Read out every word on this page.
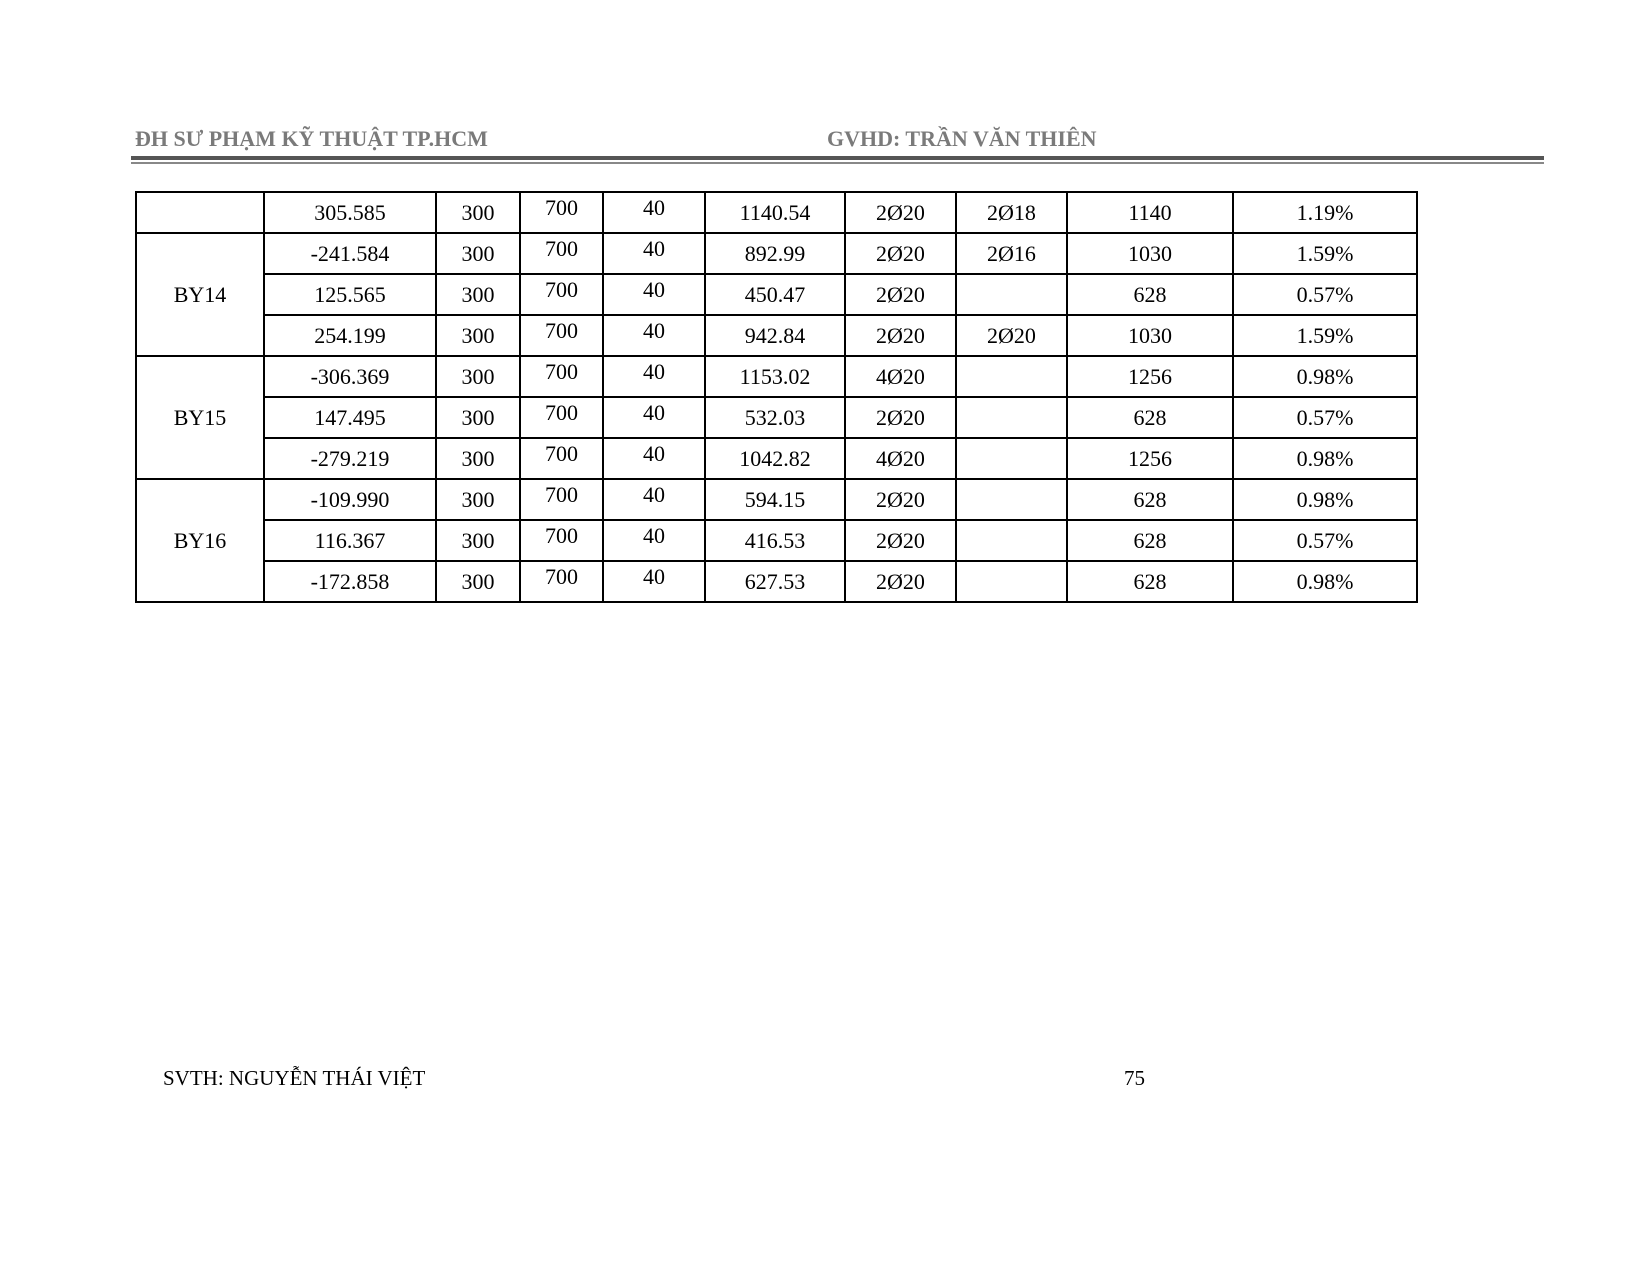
ĐH SƯ PHẠM KỸ THUẬT TP.HCM	GVHD: TRẦN VĂN THIÊN
	305.585	300	700	40	1140.54	2Ø20	2Ø18	1140	1.19%
BY14	-241.584	300	700	40	892.99	2Ø20	2Ø16	1030	1.59%
	125.565	300	700	40	450.47	2Ø20		628	0.57%
	254.199	300	700	40	942.84	2Ø20	2Ø20	1030	1.59%
BY15	-306.369	300	700	40	1153.02	4Ø20		1256	0.98%
	147.495	300	700	40	532.03	2Ø20		628	0.57%
	-279.219	300	700	40	1042.82	4Ø20		1256	0.98%
BY16	-109.990	300	700	40	594.15	2Ø20		628	0.98%
	116.367	300	700	40	416.53	2Ø20		628	0.57%
	-172.858	300	700	40	627.53	2Ø20		628	0.98%
SVTH: NGUYỄN THÁI VIỆT	75
